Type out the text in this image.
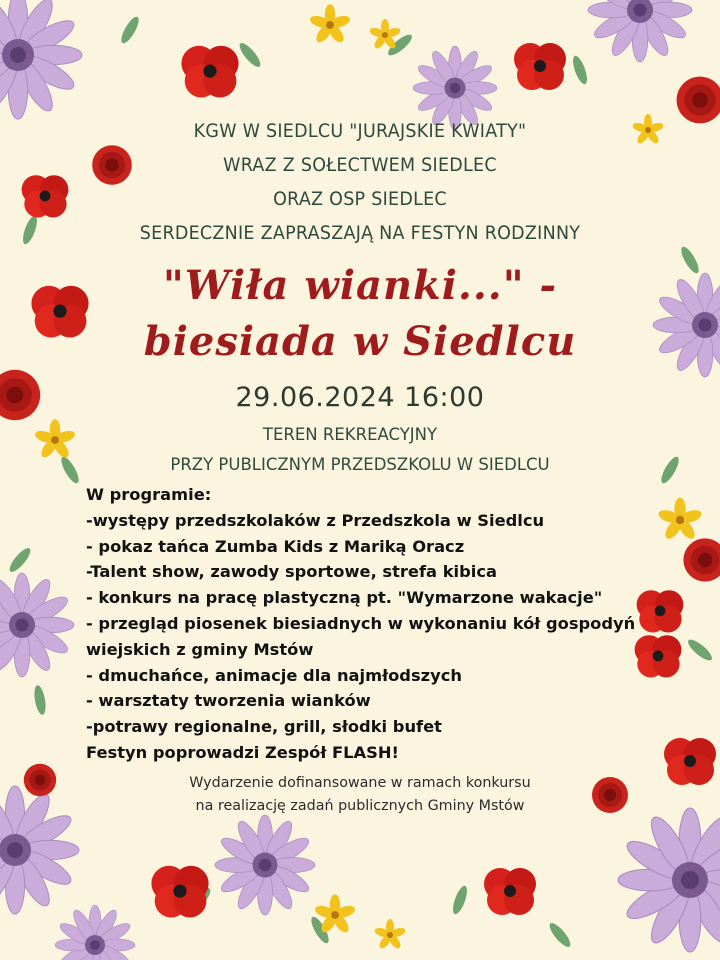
KGW W SIEDLCU "JURAJSKIE KWIATY"
WRAZ Z SOŁECTWEM SIEDLEC
ORAZ OSP SIEDLEC
SERDECZNIE ZAPRASZAJĄ NA FESTYN RODZINNY
"Wiła wianki..." -
biesiada w Siedlcu
29.06.2024 16:00
TEREN REKREACYJNY
PRZY PUBLICZNYM PRZEDSZKOLU W SIEDLCU
W programie:
-występy przedszkolaków z Przedszkola w Siedlcu
- pokaz tańca Zumba Kids z Mariką Oracz
-Talent show, zawody sportowe, strefa kibica
- konkurs na pracę plastyczną pt. "Wymarzone wakacje"
- przegląd piosenek biesiadnych w wykonaniu kół gospodyń
wiejskich z gminy Mstów
- dmuchańce, animacje dla najmłodszych
- warsztaty tworzenia wianków
-potrawy regionalne, grill, słodki bufet
Festyn poprowadzi Zespół FLASH!
Wydarzenie dofinansowane w ramach konkursu
na realizację zadań publicznych Gminy Mstów
